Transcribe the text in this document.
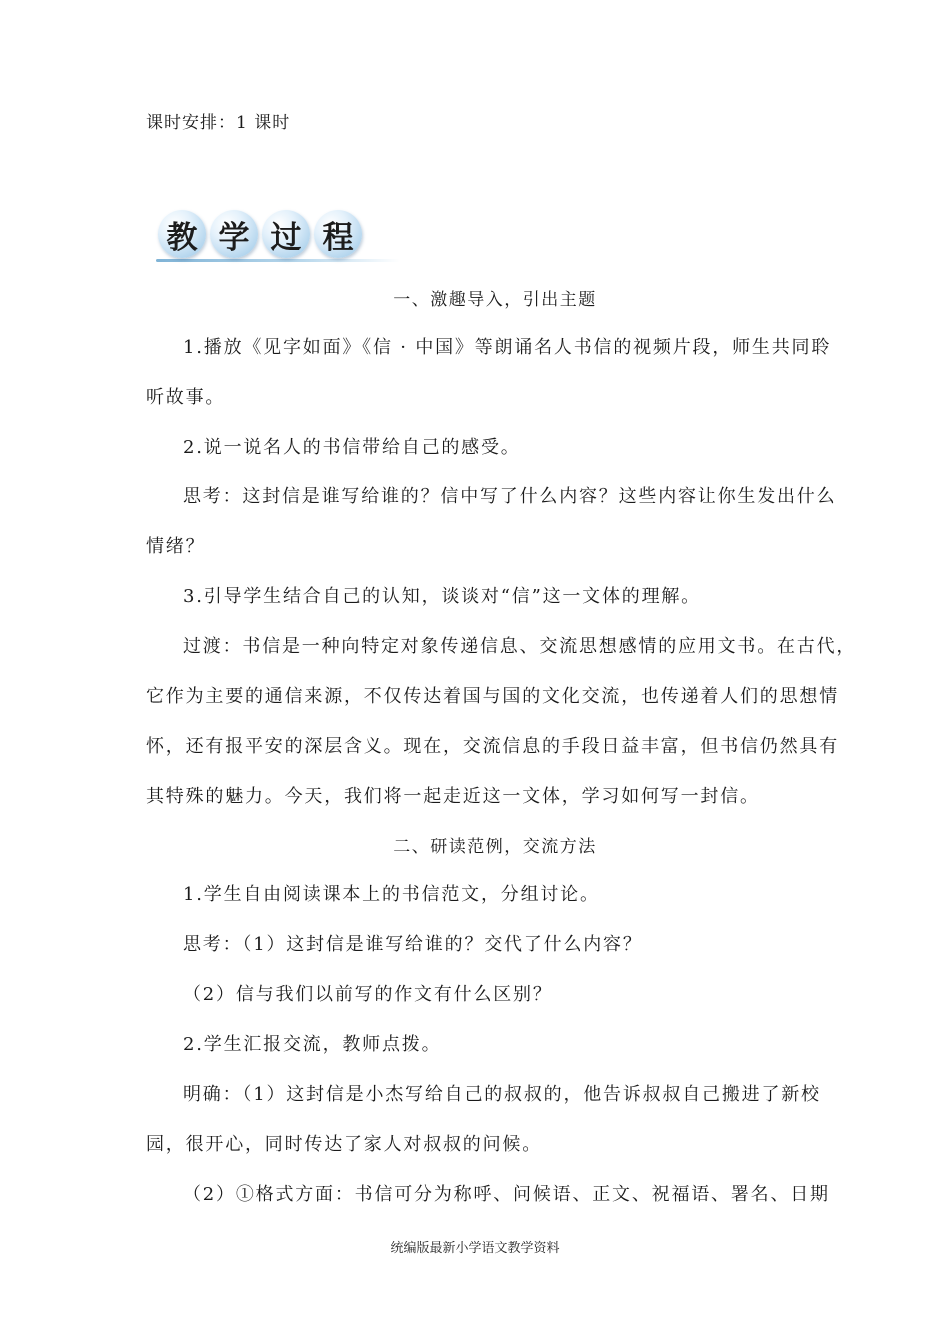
课时安排：1 课时
教 学 过 程
一、激趣导入，引出主题
1.播放《见字如面》《信 · 中国》等朗诵名人书信的视频片段，师生共同聆
听故事。
2.说一说名人的书信带给自己的感受。
思考：这封信是谁写给谁的？信中写了什么内容？这些内容让你生发出什么
情绪？
3.引导学生结合自己的认知，谈谈对“信”这一文体的理解。
过渡：书信是一种向特定对象传递信息、交流思想感情的应用文书。在古代，
它作为主要的通信来源，不仅传达着国与国的文化交流，也传递着人们的思想情
怀，还有报平安的深层含义。现在，交流信息的手段日益丰富，但书信仍然具有
其特殊的魅力。今天，我们将一起走近这一文体，学习如何写一封信。
二、研读范例，交流方法
1.学生自由阅读课本上的书信范文，分组讨论。
思考：（1）这封信是谁写给谁的？交代了什么内容？
（2）信与我们以前写的作文有什么区别？
2.学生汇报交流，教师点拨。
明确：（1）这封信是小杰写给自己的叔叔的，他告诉叔叔自己搬进了新校
园，很开心，同时传达了家人对叔叔的问候。
（2）①格式方面：书信可分为称呼、问候语、正文、祝福语、署名、日期
统编版最新小学语文教学资料
